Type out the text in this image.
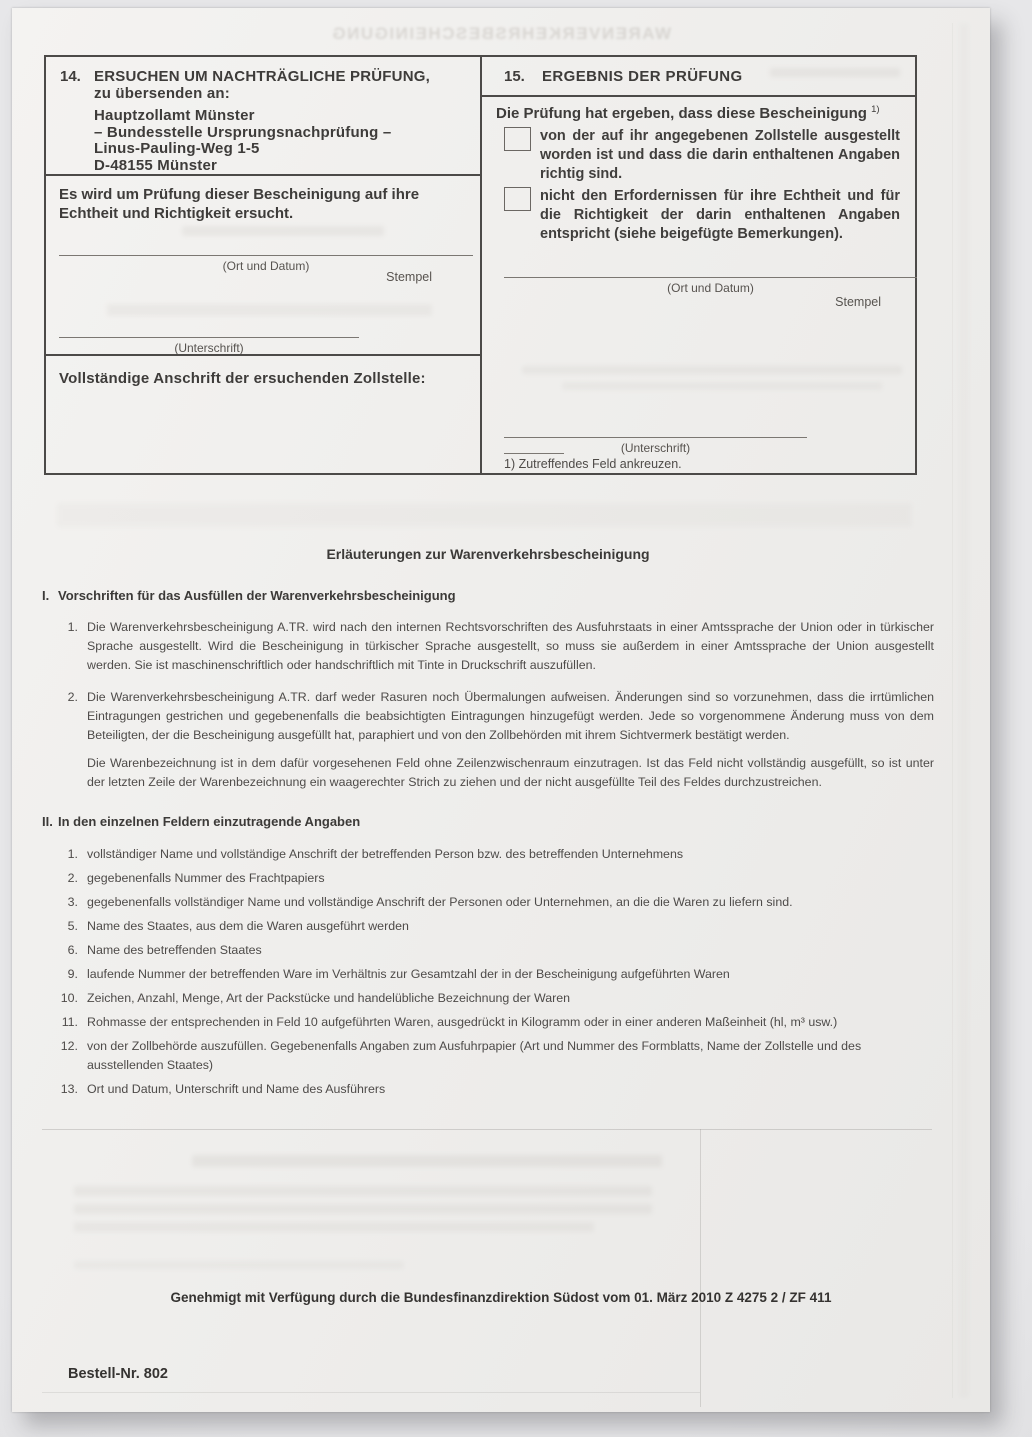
WARENVERKEHRSBESCHEINIGUNG
14. ERSUCHEN UM NACHTRÄGLICHE PRÜFUNG,
zu übersenden an:
Hauptzollamt Münster
– Bundesstelle Ursprungsnachprüfung –
Linus-Pauling-Weg 1-5
D-48155 Münster

Es wird um Prüfung dieser Bescheinigung auf ihre Echtheit und Richtigkeit ersucht.

(Ort und Datum)
Stempel
(Unterschrift)

Vollständige Anschrift der ersuchenden Zollstelle:

15.	ERGEBNIS DER PRÜFUNG

Die Prüfung hat ergeben, dass diese Bescheinigung $^{1)}$

von der auf ihr angegebenen Zollstelle ausgestellt worden ist und dass die darin enthaltenen Angaben richtig sind.

nicht den Erfordernissen für ihre Echtheit und für die Richtigkeit der darin enthaltenen Angaben entspricht (siehe beigefügte Bemerkungen).

(Ort und Datum)
Stempel
(Unterschrift)
1) Zutreffendes Feld ankreuzen.
Erläuterungen zur Warenverkehrsbescheinigung
I. Vorschriften für das Ausfüllen der Warenverkehrsbescheinigung
1. Die Warenverkehrsbescheinigung A.TR. wird nach den internen Rechtsvorschriften des Ausfuhrstaats in einer Amtssprache der Union oder in türkischer Sprache ausgestellt. Wird die Bescheinigung in türkischer Sprache ausgestellt, so muss sie außerdem in einer Amtssprache der Union ausgestellt werden. Sie ist maschinenschriftlich oder handschriftlich mit Tinte in Druckschrift auszufüllen.

2. Die Warenverkehrsbescheinigung A.TR. darf weder Rasuren noch Übermalungen aufweisen. Änderungen sind so vorzunehmen, dass die irrtümlichen Eintragungen gestrichen und gegebenenfalls die beabsichtigten Eintragungen hinzugefügt werden. Jede so vorgenommene Änderung muss von dem Beteiligten, der die Bescheinigung ausgefüllt hat, paraphiert und von den Zollbehörden mit ihrem Sichtvermerk bestätigt werden.

Die Warenbezeichnung ist in dem dafür vorgesehenen Feld ohne Zeilenzwischenraum einzutragen. Ist das Feld nicht vollständig ausgefüllt, so ist unter der letzten Zeile der Warenbezeichnung ein waagerechter Strich zu ziehen und der nicht ausgefüllte Teil des Feldes durchzustreichen.

II. In den einzelnen Feldern einzutragende Angaben
1. vollständiger Name und vollständige Anschrift der betreffenden Person bzw. des betreffenden Unternehmens

2. gegebenenfalls Nummer des Frachtpapiers

3. gegebenenfalls vollständiger Name und vollständige Anschrift der Personen oder Unternehmen, an die die Waren zu liefern sind.

5. Name des Staates, aus dem die Waren ausgeführt werden

6. Name des betreffenden Staates

9. laufende Nummer der betreffenden Ware im Verhältnis zur Gesamtzahl der in der Bescheinigung aufgeführten Waren

10. Zeichen, Anzahl, Menge, Art der Packstücke und handelübliche Bezeichnung der Waren

11. Rohmasse der entsprechenden in Feld 10 aufgeführten Waren, ausgedrückt in Kilogramm oder in einer anderen Maßeinheit (hl, m³ usw.)

12. von der Zollbehörde auszufüllen. Gegebenenfalls Angaben zum Ausfuhrpapier (Art und Nummer des Formblatts, Name der Zollstelle und des ausstellenden Staates)

13. Ort und Datum, Unterschrift und Name des Ausführers

Genehmigt mit Verfügung durch die Bundesfinanzdirektion Südost vom 01. März 2010 Z 4275 2 / ZF 411
Bestell-Nr. 802
